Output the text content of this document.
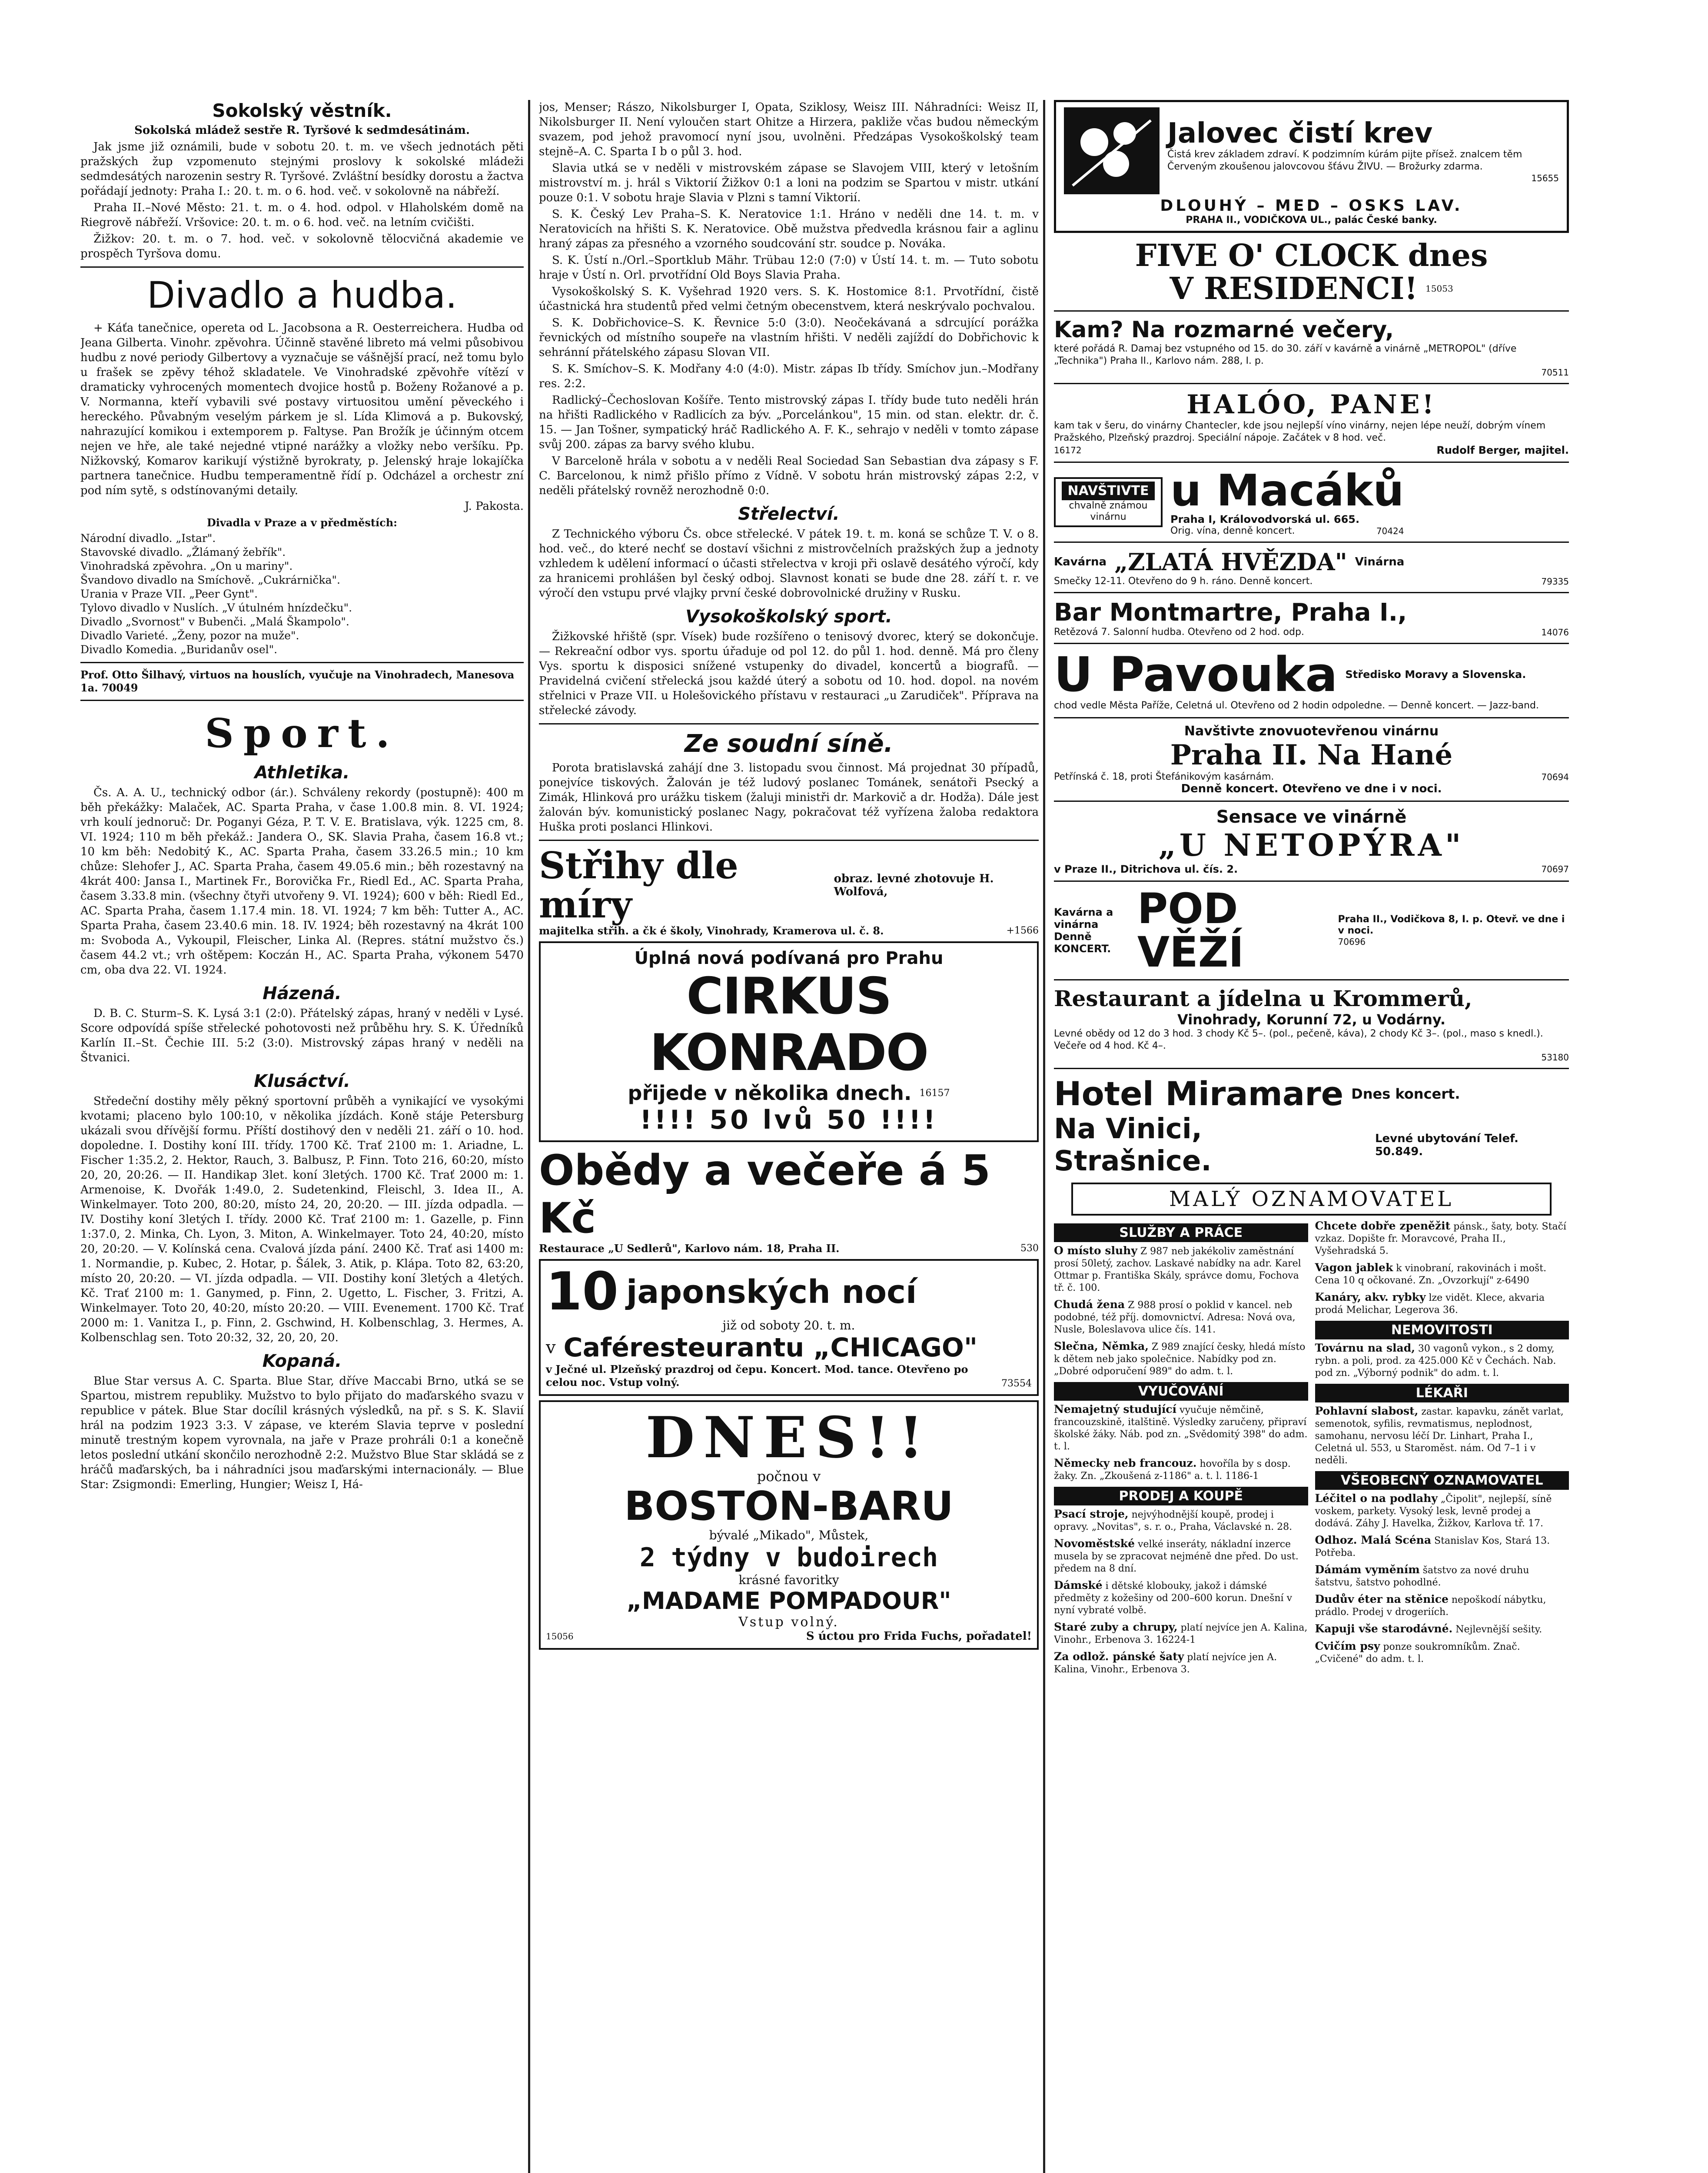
Sokolský věstník.
Sokolská mládež sestře R. Tyršové k sedmdesátinám.

Jak jsme již oznámili, bude v sobotu 20. t. m. ve všech jednotách pěti pražských žup vzpomenuto stejnými proslovy k sokolské mládeži sedmdesátých narozenin sestry R. Tyršové. Zvláštní besídky dorostu a žactva pořádají jednoty: Praha I.: 20. t. m. o 6. hod. več. v sokolovně na nábřeží.

Praha II.–Nové Město: 21. t. m. o 4. hod. odpol. v Hlaholském domě na Riegrově nábřeží. Vršovice: 20. t. m. o 6. hod. več. na letním cvičišti.

Žižkov: 20. t. m. o 7. hod. več. v sokolovně tělocvičná akademie ve prospěch Tyršova domu.

Divadlo a hudba.

+ Káťa tanečnice, opereta od L. Jacobsona a R. Oesterreichera. Hudba od Jeana Gilberta. Vinohr. zpěvohra. Účinně stavěné libreto má velmi působivou hudbu z nové periody Gilbertovy a vyznačuje se vášnější prací, než tomu bylo u frašek se zpěvy téhož skladatele. Ve Vinohradské zpěvohře vítězí v dramaticky vyhrocených momentech dvojice hostů p. Boženy Rožanové a p. V. Normanna, kteří vybavili své postavy virtuositou umění pěveckého i hereckého. Půvabným veselým párkem je sl. Lída Klimová a p. Bukovský, nahrazující komikou i extemporem p. Faltyse. Pan Brožík je účinným otcem nejen ve hře, ale také nejedné vtipné narážky a vložky nebo veršíku. Pp. Nižkovský, Komarov karikují výstižně byrokraty, p. Jelenský hraje lokajíčka partnera tanečnice. Hudbu temperamentně řídí p. Odcházel a orchestr zní pod ním sytě, s odstínovanými detaily.

J. Pakosta.
Divadla v Praze a v předměstích:
Národní divadlo. „Istar".
Stavovské divadlo. „Žlámaný žebřík".
Vinohradská zpěvohra. „On u mariny".
Švandovo divadlo na Smíchově. „Cukrárnička".
Urania v Praze VII. „Peer Gynt".
Tylovo divadlo v Nuslích. „V útulném hnízdečku".
Divadlo „Svornost" v Bubenči. „Malá Škampolo".
Divadlo Varieté. „Ženy, pozor na muže".
Divadlo Komedia. „Buridanův osel".
Prof. Otto Šilhavý, virtuos na houslích, vyučuje na Vinohradech, Manesova 1a. 70049
Sport.
Athletika.

Čs. A. A. U., technický odbor (ár.). Schváleny rekordy (postupně): 400 m běh překážky: Malaček, AC. Sparta Praha, v čase 1.00.8 min. 8. VI. 1924; vrh koulí jednoruč: Dr. Poganyi Géza, P. T. V. E. Bratislava, výk. 1225 cm, 8. VI. 1924; 110 m běh překáž.: Jandera O., SK. Slavia Praha, časem 16.8 vt.; 10 km běh: Nedobitý K., AC. Sparta Praha, časem 33.26.5 min.; 10 km chůze: Slehofer J., AC. Sparta Praha, časem 49.05.6 min.; běh rozestavný na 4krát 400: Jansa I., Martinek Fr., Borovička Fr., Riedl Ed., AC. Sparta Praha, časem 3.33.8 min. (všechny čtyři utvořeny 9. VI. 1924); 600 v běh: Riedl Ed., AC. Sparta Praha, časem 1.17.4 min. 18. VI. 1924; 7 km běh: Tutter A., AC. Sparta Praha, časem 23.40.6 min. 18. IV. 1924; běh rozestavný na 4krát 100 m: Svoboda A., Vykoupil, Fleischer, Linka Al. (Repres. státní mužstvo čs.) časem 44.2 vt.; vrh oštěpem: Koczán H., AC. Sparta Praha, výkonem 5470 cm, oba dva 22. VI. 1924.

Házená.

D. B. C. Sturm–S. K. Lysá 3:1 (2:0). Přátelský zápas, hraný v neděli v Lysé. Score odpovídá spíše střelecké pohotovosti než průběhu hry. S. K. Úředníků Karlín II.–St. Čechie III. 5:2 (3:0). Mistrovský zápas hraný v neděli na Štvanici.

Klusáctví.

Středeční dostihy měly pěkný sportovní průběh a vynikající ve vysokými kvotami; placeno bylo 100:10, v několika jízdách. Koně stáje Petersburg ukázali svou dřívější formu. Příští dostihový den v neděli 21. září o 10. hod. dopoledne. I. Dostihy koní III. třídy. 1700 Kč. Trať 2100 m: 1. Ariadne, L. Fischer 1:35.2, 2. Hektor, Rauch, 3. Balbusz, P. Finn. Toto 216, 60:20, místo 20, 20, 20:26. — II. Handikap 3let. koní 3letých. 1700 Kč. Trať 2000 m: 1. Armenoise, K. Dvořák 1:49.0, 2. Sudetenkind, Fleischl, 3. Idea II., A. Winkelmayer. Toto 200, 80:20, místo 24, 20, 20:20. — III. jízda odpadla. — IV. Dostihy koní 3letých I. třídy. 2000 Kč. Trať 2100 m: 1. Gazelle, p. Finn 1:37.0, 2. Minka, Ch. Lyon, 3. Miton, A. Winkelmayer. Toto 24, 40:20, místo 20, 20:20. — V. Kolínská cena. Cvalová jízda pání. 2400 Kč. Trať asi 1400 m: 1. Normandie, p. Kubec, 2. Hotar, p. Šálek, 3. Atik, p. Klápa. Toto 82, 63:20, místo 20, 20:20. — VI. jízda odpadla. — VII. Dostihy koní 3letých a 4letých. Kč. Trať 2100 m: 1. Ganymed, p. Finn, 2. Ugetto, L. Fischer, 3. Fritzi, A. Winkelmayer. Toto 20, 40:20, místo 20:20. — VIII. Evenement. 1700 Kč. Trať 2000 m: 1. Vanitza I., p. Finn, 2. Gschwind, H. Kolbenschlag, 3. Hermes, A. Kolbenschlag sen. Toto 20:32, 32, 20, 20, 20.

Kopaná.

Blue Star versus A. C. Sparta. Blue Star, dříve Maccabi Brno, utká se se Spartou, mistrem republiky. Mužstvo to bylo přijato do maďarského svazu v republice v pátek. Blue Star docílil krásných výsledků, na př. s S. K. Slavií hrál na podzim 1923 3:3. V zápase, ve kterém Slavia teprve v poslední minutě trestným kopem vyrovnala, na jaře v Praze prohráli 0:1 a konečně letos poslední utkání skončilo nerozhodně 2:2. Mužstvo Blue Star skládá se z hráčů maďarských, ba i náhradníci jsou maďarskými internacionály. — Blue Star: Zsigmondi: Emerling, Hungier; Weisz I, Há-

jos, Menser; Rászo, Nikolsburger I, Opata, Sziklosy, Weisz III. Náhradníci: Weisz II, Nikolsburger II. Není vyloučen start Ohitze a Hirzera, pakliže včas budou německým svazem, pod jehož pravomocí nyní jsou, uvolněni. Předzápas Vysokoškolský team stejně–A. C. Sparta I b o půl 3. hod.

Slavia utká se v neděli v mistrovském zápase se Slavojem VIII, který v letošním mistrovství m. j. hrál s Viktorií Žižkov 0:1 a loni na podzim se Spartou v mistr. utkání pouze 0:1. V sobotu hraje Slavia v Plzni s tamní Viktorií.

S. K. Český Lev Praha–S. K. Neratovice 1:1. Hráno v neděli dne 14. t. m. v Neratovicích na hřišti S. K. Neratovice. Obě mužstva předvedla krásnou fair a aglinu hraný zápas za přesného a vzorného soudcování str. soudce p. Nováka.

S. K. Ústí n./Orl.–Sportklub Mähr. Trübau 12:0 (7:0) v Ústí 14. t. m. — Tuto sobotu hraje v Ústí n. Orl. prvotřídní Old Boys Slavia Praha.

Vysokoškolský S. K. Vyšehrad 1920 vers. S. K. Hostomice 8:1. Prvotřídní, čistě účastnická hra studentů před velmi četným obecenstvem, která neskrývalo pochvalou.

S. K. Dobřichovice–S. K. Řevnice 5:0 (3:0). Neočekávaná a sdrcující porážka řevnických od místního soupeře na vlastním hřišti. V neděli zajíždí do Dobřichovic k sehránní přátelského zápasu Slovan VII.

S. K. Smíchov–S. K. Modřany 4:0 (4:0). Mistr. zápas Ib třídy. Smíchov jun.–Modřany res. 2:2.

Radlický–Čechoslovan Košíře. Tento mistrovský zápas I. třídy bude tuto neděli hrán na hřišti Radlického v Radlicích za býv. „Porcelánkou", 15 min. od stan. elektr. dr. č. 15. — Jan Tošner, sympatický hráč Radlického A. F. K., sehrajo v neděli v tomto zápase svůj 200. zápas za barvy svého klubu.

V Barceloně hrála v sobotu a v neděli Real Sociedad San Sebastian dva zápasy s F. C. Barcelonou, k nimž přišlo přímo z Vídně. V sobotu hrán mistrovský zápas 2:2, v neděli přátelský rovněž nerozhodně 0:0.

Střelectví.

Z Technického výboru Čs. obce střelecké. V pátek 19. t. m. koná se schůze T. V. o 8. hod. več., do které nechť se dostaví všichni z mistrovčelních pražských žup a jednoty vzhledem k udělení informací o účasti střelectva v kroji při oslavě desátého výročí, kdy za hranicemi prohlášen byl český odboj. Slavnost konati se bude dne 28. září t. r. ve výročí den vstupu prvé vlajky první české dobrovolnické družiny v Rusku.

Vysokoškolský sport.

Žižkovské hřiště (spr. Vísek) bude rozšířeno o tenisový dvorec, který se dokončuje. — Rekreační odbor vys. sportu úřaduje od pol 12. do půl 1. hod. denně. Má pro členy Vys. sportu k disposici snížené vstupenky do divadel, koncertů a biografů. — Pravidelná cvičení střelecká jsou každé úterý a sobotu od 10. hod. dopol. na novém střelnici v Praze VII. u Holešovického přístavu v restauraci „u Zarudiček". Příprava na střelecké závody.

Ze soudní síně.

Porota bratislavská zahájí dne 3. listopadu svou činnost. Má projednat 30 případů, ponejvíce tiskových. Žalován je též ludový poslanec Tománek, senátoři Psecký a Zimák, Hlinková pro urážku tiskem (žaluji ministři dr. Markovič a dr. Hodža). Dále jest žalován býv. komunistický poslanec Nagy, pokračovat též vyřízena žaloba redaktora Huška proti poslanci Hlinkovi.

Střihy dle míry
obraz. levné zhotovuje H. Wolfová,
majitelka střih. a čk é školy, Vinohrady, Kramerova ul. č. 8.	+1566
Úplná nová podívaná pro Prahu
CIRKUS KONRADO
přijede v několika dnech. 16157
!!!! 50 lvů 50 !!!!
Obědy a večeře á 5 Kč
Restaurace „U Sedlerů", Karlovo nám. 18, Praha II.	530
10 japonských nocí
již od soboty 20. t. m.
v Caféresteurantu „CHICAGO"
v Ječné ul. Plzeňský prazdroj od čepu. Koncert. Mod. tance. Otevřeno po celou noc. Vstup volný.	73554
DNES!!
počnou v
BOSTON-BARU
bývalé „Mikado", Můstek,
2 týdny v budoirech
krásné favoritky
„MADAME POMPADOUR"
Vstup volný.
15056	S úctou pro Frida Fuchs, pořadatel!
Jalovec čistí krev
Čistá krev základem zdraví. K podzimním kúrám pijte přísež. znalcem těm Červeným zkoušenou jalovcovou šťávu ŽIVU. — Brožurky zdarma.
15655
DLOUHÝ – MED – OSKS LAV.
PRAHA II., VODIČKOVA UL., palác České banky.
FIVE O' CLOCK dnes
V RESIDENCI! 15053
Kam? Na rozmarné večery,
které pořádá R. Damaj bez vstupného od 15. do 30. září v kavárně a vinárně „METROPOL" (dříve „Technika") Praha II., Karlovo nám. 288, I. p.
70511
HALÓO, PANE!
kam tak v šeru, do vinárny Chantecler, kde jsou nejlepší víno vinárny, nejen lépe neuží, dobrým vínem Pražského, Plzeňský prazdroj. Speciální nápoje. Začátek v 8 hod. več.
16172	Rudolf Berger, majitel.
NAVŠTIVTE
chvalně známou vinárnu
u Macáků
Praha I, Královodvorská ul. 665.
Orig. vína, denně koncert.	70424
Kavárna „ZLATÁ HVĚZDA" Vinárna
Smečky 12-11. Otevřeno do 9 h. ráno. Denně koncert.	79335
Bar Montmartre, Praha I.,
Retězová 7. Salonní hudba. Otevřeno od 2 hod. odp.	14076
U Pavouka Středisko Moravy a Slovenska.
chod vedle Města Paříže, Celetná ul. Otevřeno od 2 hodin odpoledne. — Denně koncert. — Jazz-band.
Navštivte znovuotevřenou vinárnu
Praha II. Na Hané
Petřínská č. 18, proti Štefánikovým kasárnám.	70694
Denně koncert. Otevřeno ve dne i v noci.
Sensace ve vinárně
„U NETOPÝRA"
v Praze II., Ditrichova ul. čís. 2.	70697
Kavárna a vinárna Denně KONCERT.
POD VĚŽÍ
Praha II., Vodičkova 8, I. p. Otevř. ve dne i v noci.
70696
Restaurant a jídelna u Krommerů,
Vinohrady, Korunní 72, u Vodárny.
Levné obědy od 12 do 3 hod. 3 chody Kč 5–. (pol., pečeně, káva), 2 chody Kč 3–. (pol., maso s knedl.). Večeře od 4 hod. Kč 4–.
53180
Hotel Miramare Dnes koncert.
Na Vinici, Strašnice.
Levné ubytování Telef. 50.849.
MALÝ OZNAMOVATEL
SLUŽBY A PRÁCE
O místo sluhy Z 987 neb jakékoliv zaměstnání prosí 50letý, zachov. Laskavé nabídky na adr. Karel Ottmar p. Františka Skály, správce domu, Fochova tř. č. 100.
Chudá žena Z 988 prosí o poklid v kancel. neb podobné, též příj. domovnictví. Adresa: Nová ova, Nusle, Boleslavova ulice čís. 141.
Slečna, Němka, Z 989 znající česky, hledá místo k dětem neb jako společnice. Nabídky pod zn. „Dobré odporučení 989" do adm. t. l.
VYUČOVÁNÍ
Nemajetný studující vyučuje němčině, francouzskině, italštině. Výsledky zaručeny, připraví školské žáky. Náb. pod zn. „Svědomitý 398" do adm. t. l.
Německy neb francouz. hovoříla by s dosp. žaky. Zn. „Zkoušená z-1186" a. t. l. 1186-1
PRODEJ A KOUPĚ
Psací stroje, nejvýhodnější koupě, prodej i opravy. „Novitas", s. r. o., Praha, Václavské n. 28.
Novoměstské velké inseráty, nákladní inzerce musela by se zpracovat nejméně dne před. Do ust. předem na 8 dní.
Dámské i dětské klobouky, jakož i dámské předměty z kožešiny od 200–600 korun. Dnešní v nyní vybraté volbě.
Staré zuby a chrupy, platí nejvíce jen A. Kalina, Vinohr., Erbenova 3. 16224-1
Za odlož. pánské šaty platí nejvíce jen A. Kalina, Vinohr., Erbenova 3.
Chcete dobře zpeněžit pánsk., šaty, boty. Stačí vzkaz. Dopište fr. Moravcové, Praha II., Vyšehradská 5.
Vagon jablek k vinobraní, rakovinách i mošt. Cena 10 q očkované. Zn. „Ovzorkují" z-6490
Kanáry, akv. rybky lze vidět. Klece, akvaria prodá Melichar, Legerova 36.
NEMOVITOSTI
Továrnu na slad, 30 vagonů vykon., s 2 domy, rybn. a poli, prod. za 425.000 Kč v Čechách. Nab. pod zn. „Výborný podnik" do adm. t. l.
LÉKAŘI
Pohlavní slabost, zastar. kapavku, zánět varlat, semenotok, syfilis, revmatismus, neplodnost, samohanu, nervosu léčí Dr. Linhart, Praha I., Celetná ul. 553, u Staroměst. nám. Od 7–1 i v neděli.
VŠEOBECNÝ OZNAMOVATEL
Léčitel o na podlahy „Čipolit", nejlepší, síně voskem, parkety. Vysoký lesk, levně prodej a dodává. Záhy J. Havelka, Žižkov, Karlova tř. 17.
Odhoz. Malá Scéna Stanislav Kos, Stará 13. Potřeba.
Dámám vyměním šatstvo za nové druhu šatstvu, šatstvo pohodlné.
Dudův éter na stěnice nepoškodí nábytku, prádlo. Prodej v drogeriích.
Kapuji vše starodávné. Nejlevnější sešity.
Cvičím psy ponze soukromníkům. Znač. „Cvičené" do adm. t. l.
